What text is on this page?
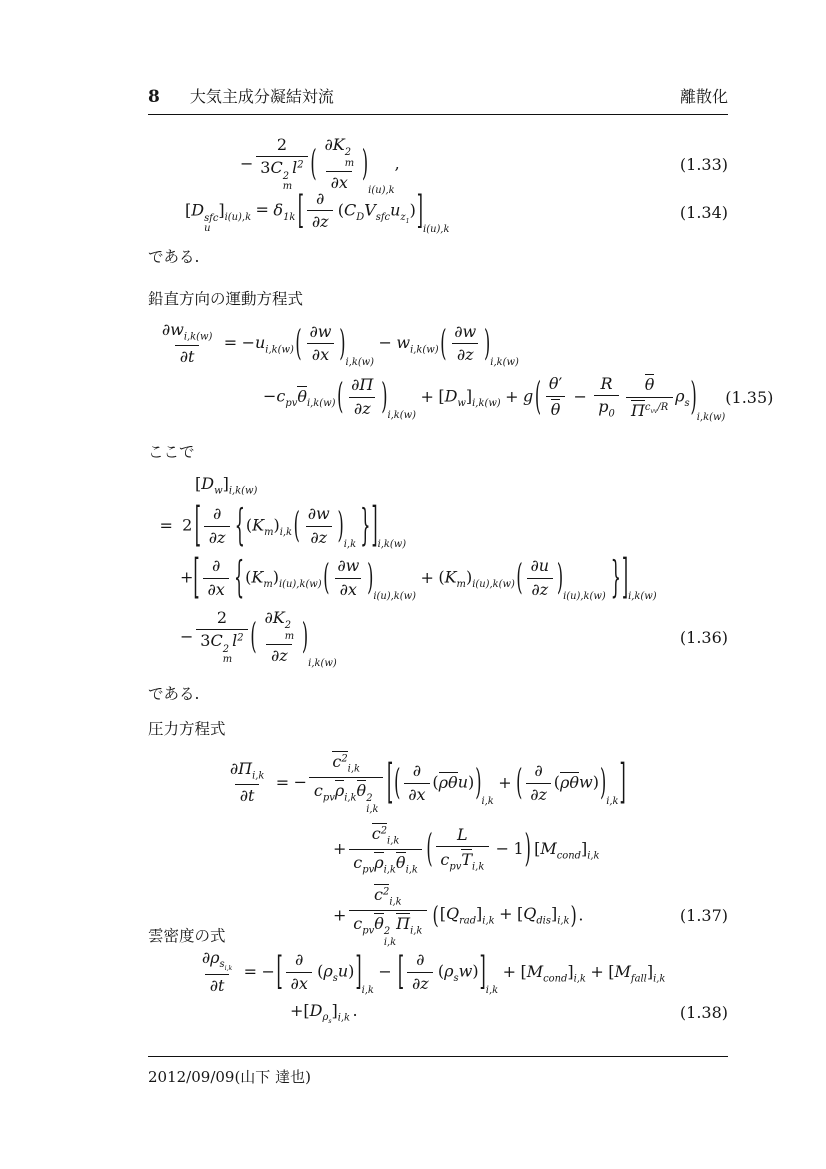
8 大気主成分凝結対流	離散化
− 2
3C 2
m
$l^2$ ( ∂K 2
m
∂x )
i(u),k
,	(1.33)
[D sfc
u
]$_{i(u),k} = \delta_{1k}$ [ ∂
∂z
$(C_DV_{sfc}uz_1)$ ] i(u),k
(1.34)
である.
鉛直方向の運動方程式
$\frac{\partial w_{i,k(w)}}{\partial t} = -u_{i,k(w)}$ ( $\frac{\partial w}{\partial x}$ ) i,k(w)
− $w_{i,k(w)}$ ( $\frac{\partial w}{\partial z}$ ) i,k(w)
$-c_{pv}\theta_{i,k(w)}$ ( $\frac{\partial\Pi}{\partial z}$ ) i,k(w)
+ $[D_w]_{i,k(w)} + g$ ( $\frac{\theta'}{\theta} - \frac{R}{p_0}$ θ
$\Pi c_{vv}/R$
$\rho_s$ ) i,k(w)
(1.35)
ここで
$[D_w]_{i,k(w)}$
= 2 [ ∂
∂z { $(K_m)_{i,k}$ ( $\frac{\partial w}{\partial z}$ ) i,k } ] i,k(w)
+ [ ∂
∂x { $(K_m)_{i(u),k(w)}$ ( $\frac{\partial w}{\partial x}$ ) i(u),k(w)
+ $(K_m)_{i(u),k(w)}$ ( $\frac{\partial u}{\partial z}$ ) i(u),k(w) } ] i,k(w)
− 2
3C 2
m
$l^2$ ( ∂K 2
m
∂z )
i,k(w)
(1.36)
である.
圧力方程式
$\frac{\partial\Pi_{i,k}}{\partial t}$ = −
$c^2_{i,k}$
$c_{pv}\rho_{i,k}\theta$ 2
i,k
[ ( ∂
∂x
(ρθu) ) i,k
+ ( ∂
∂z
(ρθw) ) i,k ]
+
$c^2_{i,k}$
$c_{pv}\rho_{i,k}\theta_{i,k}$ ( L
$c_{pv}T_{i,k}$
− 1 ) $[M_{cond}]_{i,k}$
+
$c^2_{i,k}$
$c_{pv}\theta$ 2
i,k
$\Pi_{i,k}$
( $[Q_{rad}]_{i,k} + [Q_{dis}]_{i,k}$ ) .	(1.37)
雲密度の式
$\partial\rho s_{i,k}$
∂t
= − [ ∂
∂x
$(\rho_su)$ ] i,k
− [ ∂
∂z
$(\rho_sw)$ ] i,k
+ $[M_{cond}]_{i,k} + [M_{fall}]_{i,k}$
$+[D\rho_s]_{i,k}$ .	(1.38)
2012/09/09(山下 達也)
